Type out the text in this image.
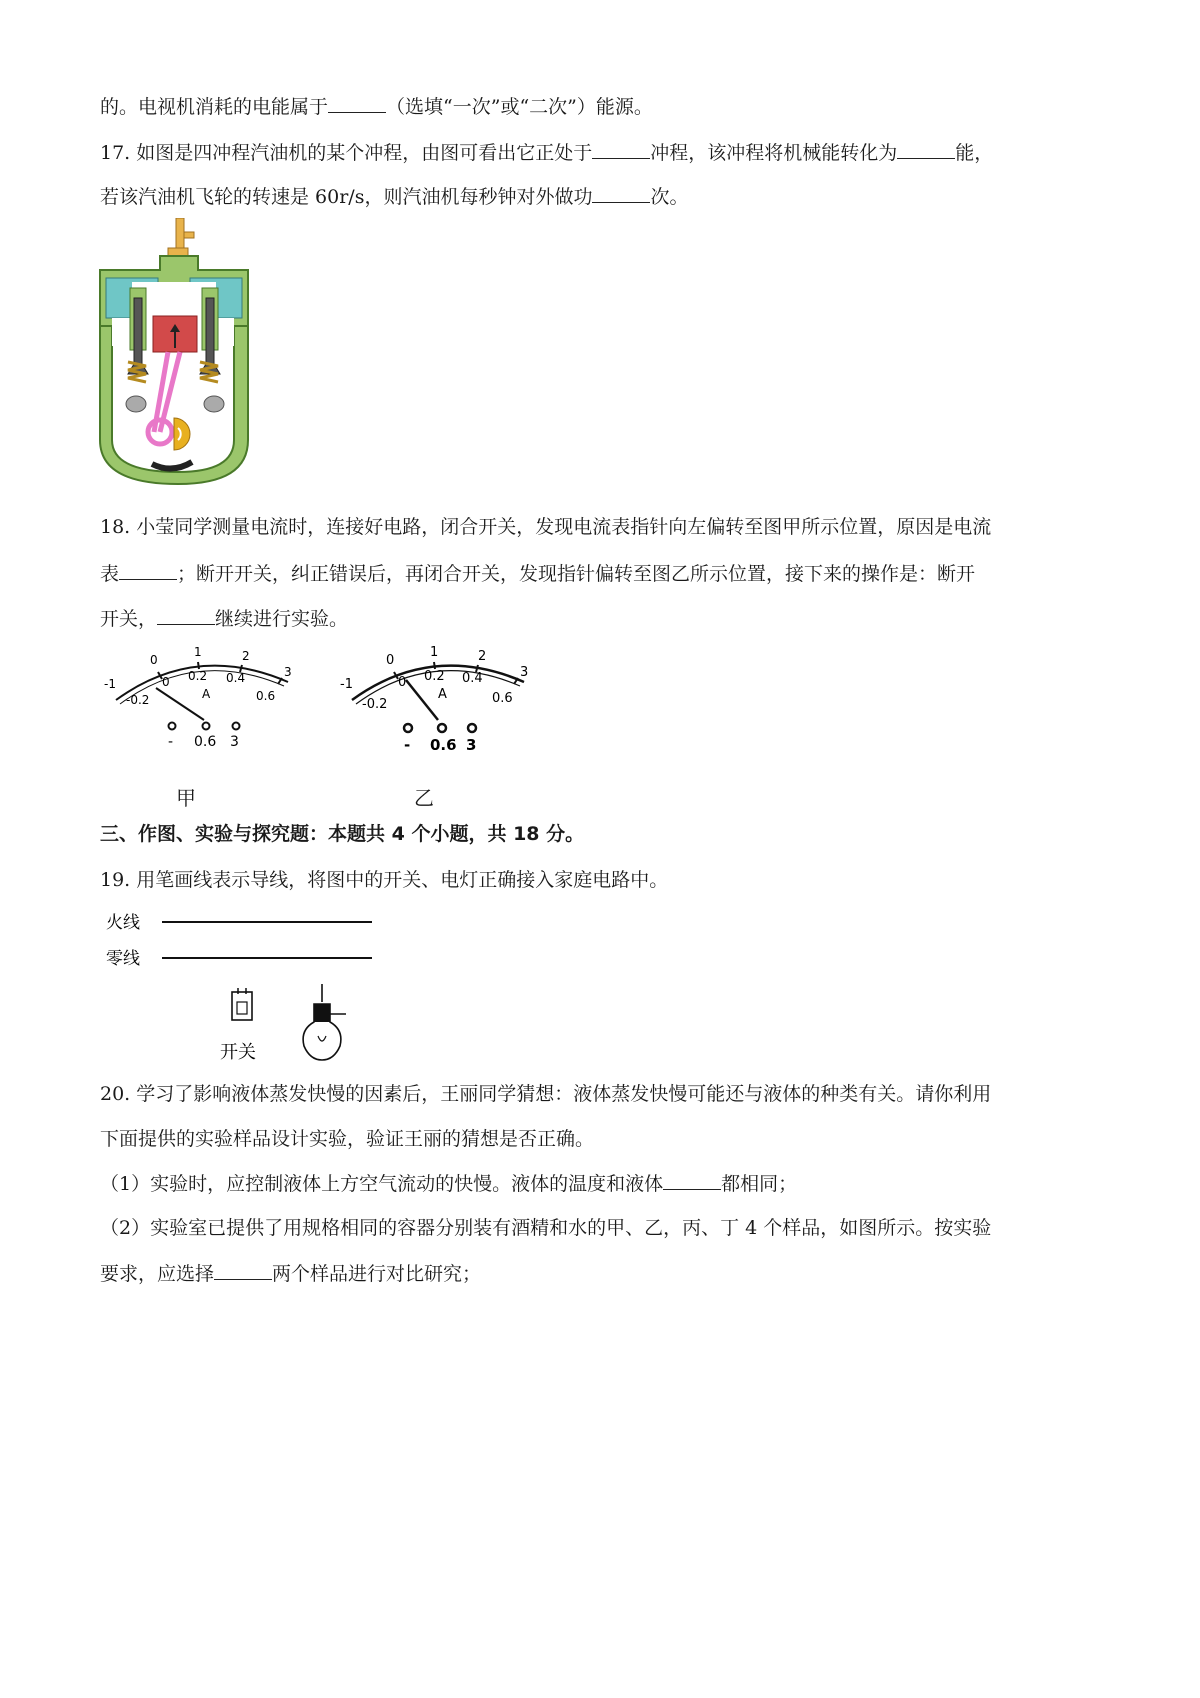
的。电视机消耗的电能属于	（选填“一次”或“二次”）能源。
17. 如图是四冲程汽油机的某个冲程，由图可看出它正处于	冲程，该冲程将机械能转化为	能，
若该汽油机飞轮的转速是 60r/s，则汽油机每秒钟对外做功	次。
18. 小莹同学测量电流时，连接好电路，闭合开关，发现电流表指针向左偏转至图甲所示位置，原因是电流
表	；断开开关，纠正错误后，再闭合开关，发现指针偏转至图乙所示位置，接下来的操作是：断开
开关，	继续进行实验。
-1
0
1	2
3
-0.2
0 0.2 0.4
0.6
A
- 0.6 3
甲
-1
0
1	2
3
-0.2
0 0.2 0.4
0.6
A
- 0.6 3
乙
三、作图、实验与探究题：本题共 4 个小题，共 18 分。
19. 用笔画线表示导线，将图中的开关、电灯正确接入家庭电路中。
火线
零线
开关
20. 学习了影响液体蒸发快慢的因素后，王丽同学猜想：液体蒸发快慢可能还与液体的种类有关。请你利用
下面提供的实验样品设计实验，验证王丽的猜想是否正确。
（1）实验时，应控制液体上方空气流动的快慢。液体的温度和液体	都相同；
（2）实验室已提供了用规格相同的容器分别装有酒精和水的甲、乙，丙、丁 4 个样品，如图所示。按实验
要求，应选择	两个样品进行对比研究；
